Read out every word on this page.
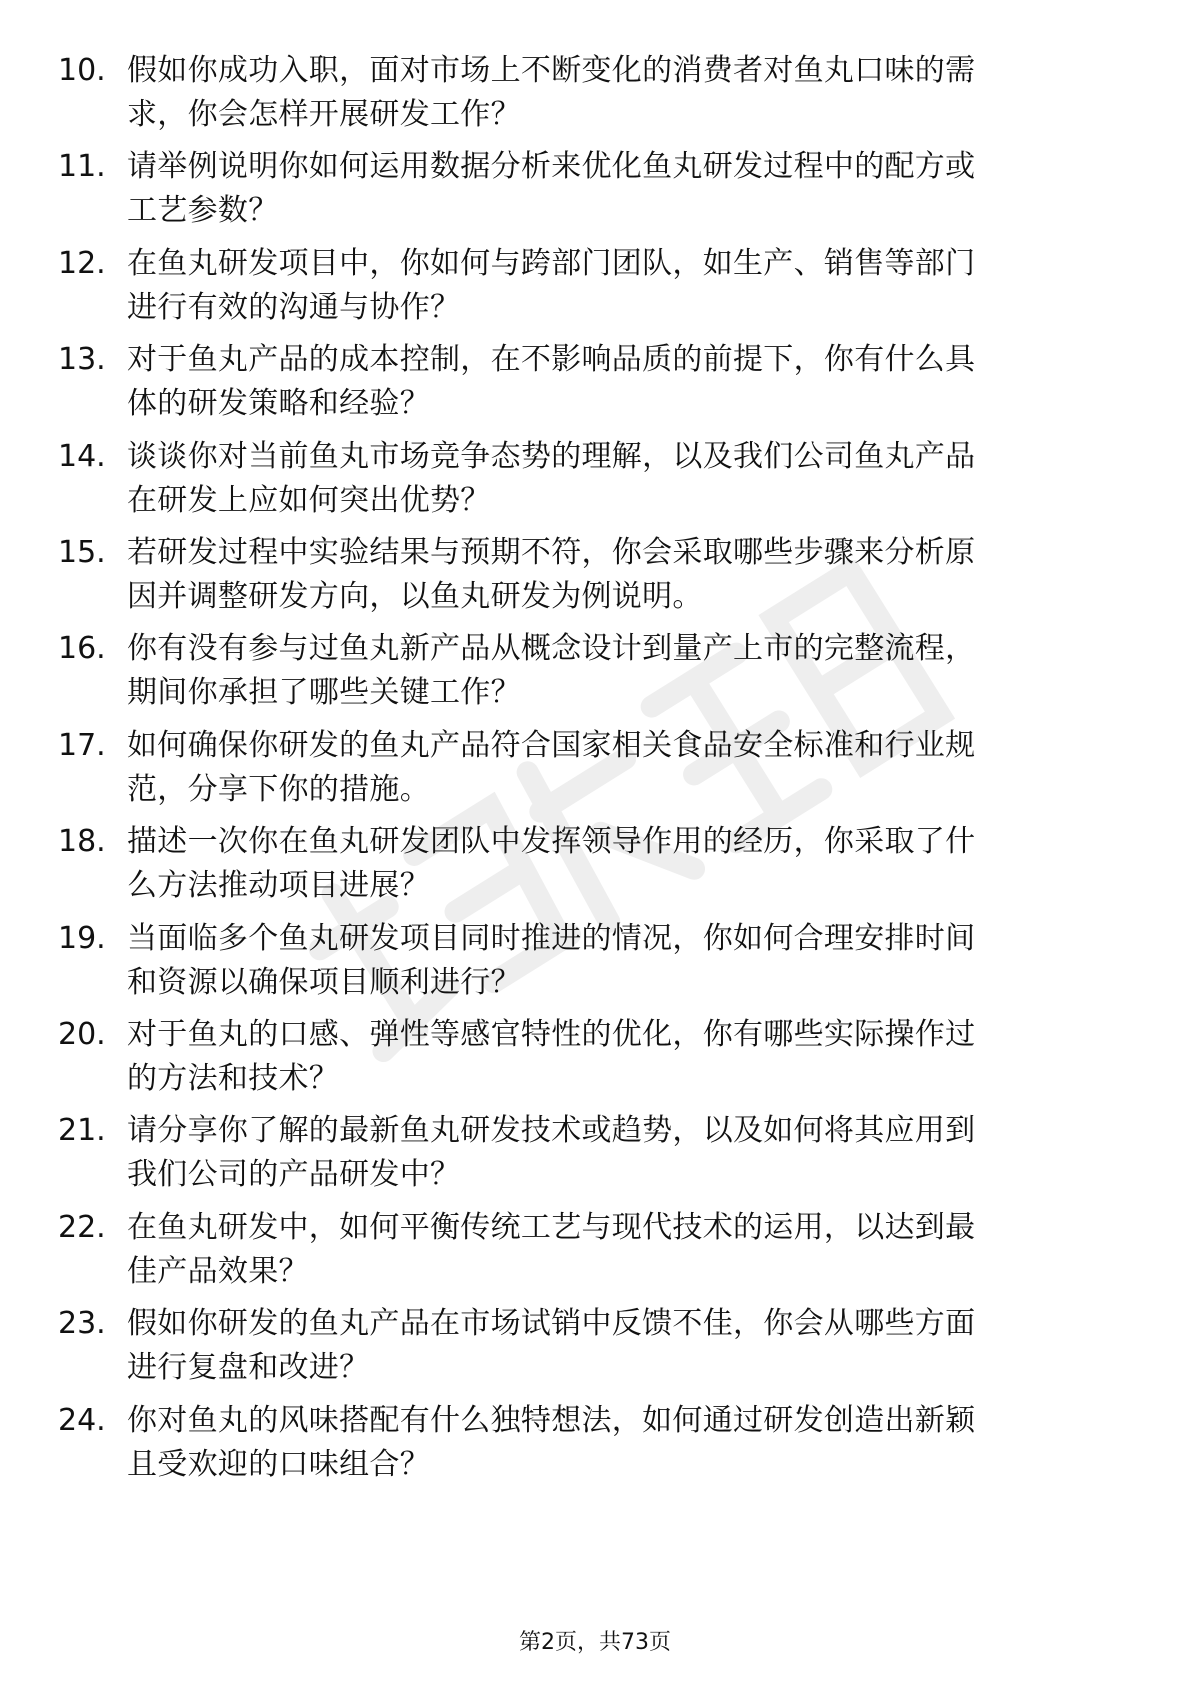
10. 假如你成功入职，面对市场上不断变化的消费者对鱼丸口味的需
求，你会怎样开展研发工作？
11. 请举例说明你如何运用数据分析来优化鱼丸研发过程中的配方或
工艺参数？
12. 在鱼丸研发项目中，你如何与跨部门团队，如生产、销售等部门
进行有效的沟通与协作？
13. 对于鱼丸产品的成本控制，在不影响品质的前提下，你有什么具
体的研发策略和经验？
14. 谈谈你对当前鱼丸市场竞争态势的理解，以及我们公司鱼丸产品
在研发上应如何突出优势？
15. 若研发过程中实验结果与预期不符，你会采取哪些步骤来分析原
因并调整研发方向，以鱼丸研发为例说明。
16. 你有没有参与过鱼丸新产品从概念设计到量产上市的完整流程，
期间你承担了哪些关键工作？
17. 如何确保你研发的鱼丸产品符合国家相关食品安全标准和行业规
范，分享下你的措施。
18. 描述一次你在鱼丸研发团队中发挥领导作用的经历，你采取了什
么方法推动项目进展？
19. 当面临多个鱼丸研发项目同时推进的情况，你如何合理安排时间
和资源以确保项目顺利进行？
20. 对于鱼丸的口感、弹性等感官特性的优化，你有哪些实际操作过
的方法和技术？
21. 请分享你了解的最新鱼丸研发技术或趋势，以及如何将其应用到
我们公司的产品研发中？
22. 在鱼丸研发中，如何平衡传统工艺与现代技术的运用，以达到最
佳产品效果？
23. 假如你研发的鱼丸产品在市场试销中反馈不佳，你会从哪些方面
进行复盘和改进？
24. 你对鱼丸的风味搭配有什么独特想法，如何通过研发创造出新颖
且受欢迎的口味组合？
第2页，共73页
